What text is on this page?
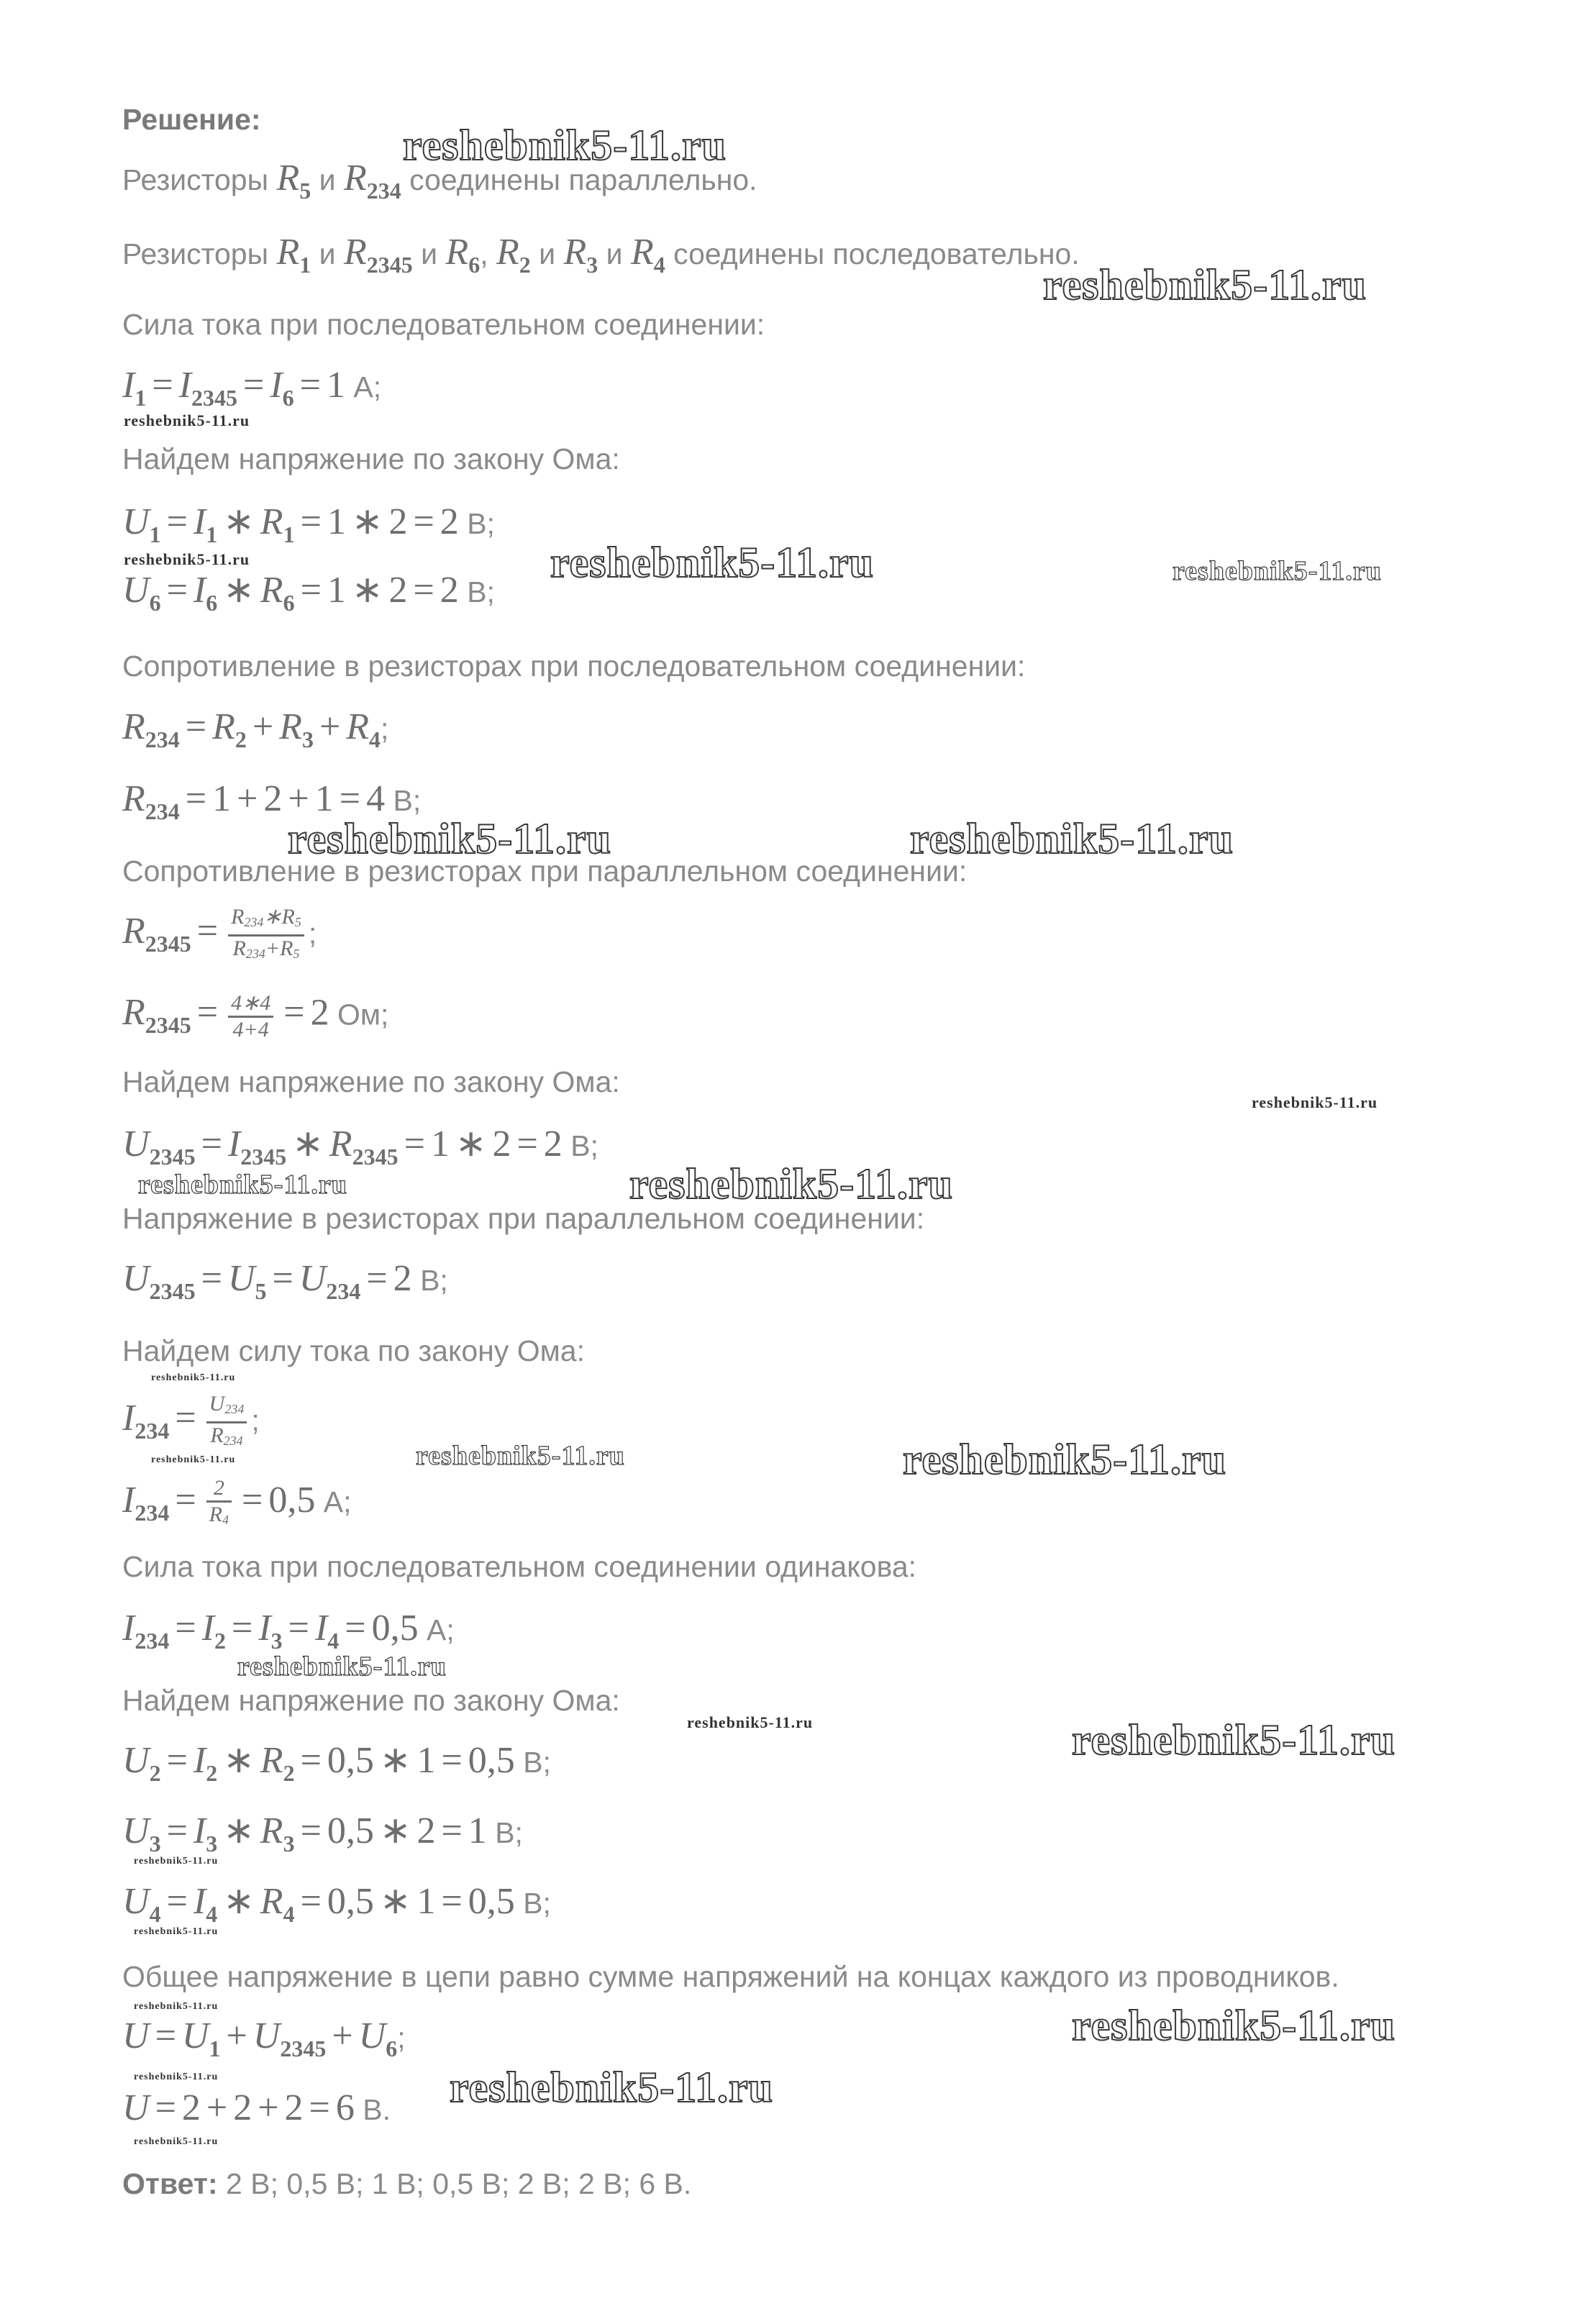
Решение:
Резисторы $R_5$ и $R_{234}$ соединены параллельно.
Резисторы $R_1$ и $R_{2345}$ и $R_6$, $R_2$ и $R_3$ и $R_4$ соединены последовательно.
Сила тока при последовательном соединении:
$I_1 = I_{2345} = I_6 = 1$ А;
Найдем напряжение по закону Ома:
$U_1 = I_1$ ∗ $R_1 = 1$ ∗ 2 = 2 В;
$U_6 = I_6$ ∗ $R_6 = 1$ ∗ 2 = 2 В;
Сопротивление в резисторах при последовательном соединении:
$R_{234} = R_2 + R_3 + R_4$;
$R_{234} = 1 + 2 + 1 = 4$ В;
Сопротивление в резисторах при параллельном соединении:
$R_{2345} = \frac{R_{234}∗R_5}{R_{234}+R_5}$ ;
$R_{2345} = \frac{4∗4}{4+4} = 2$ Ом;
Найдем напряжение по закону Ома:
$U_{2345} = I_{2345}$ ∗ $R_{2345} = 1$ ∗ 2 = 2 В;
Напряжение в резисторах при параллельном соединении:
$U_{2345} = U_5 = U_{234} = 2$ В;
Найдем силу тока по закону Ома:
$I_{234} = \frac{U_{234}}{R_{234}}$ ;
$I_{234} = \frac{2}{R_4} = 0,5$ А;
Сила тока при последовательном соединении одинакова:
$I_{234} = I_2 = I_3 = I_4 = 0,5$ А;
Найдем напряжение по закону Ома:
$U_2 = I_2$ ∗ $R_2 = 0,5$ ∗ 1 = 0,5 В;
$U_3 = I_3$ ∗ $R_3 = 0,5$ ∗ 2 = 1 В;
$U_4 = I_4$ ∗ $R_4 = 0,5$ ∗ 1 = 0,5 В;
Общее напряжение в цепи равно сумме напряжений на концах каждого из проводников.
$U = U_1 + U_{2345} + U_6$;
U = 2 + 2 + 2 = 6 В.
Ответ: 2 В; 0,5 В; 1 В; 0,5 В; 2 В; 2 В; 6 В.
reshebnik5-11.ru
reshebnik5-11.ru
reshebnik5-11.ru
reshebnik5-11.ru	reshebnik5-11.ru	reshebnik5-11.ru
reshebnik5-11.ru	reshebnik5-11.ru
reshebnik5-11.ru
reshebnik5-11.ru	reshebnik5-11.ru
reshebnik5-11.ru
reshebnik5-11.ru	reshebnik5-11.ru	reshebnik5-11.ru
reshebnik5-11.ru
reshebnik5-11.ru	reshebnik5-11.ru
reshebnik5-11.ru
reshebnik5-11.ru
reshebnik5-11.ru	reshebnik5-11.ru
reshebnik5-11.ru	reshebnik5-11.ru
reshebnik5-11.ru
